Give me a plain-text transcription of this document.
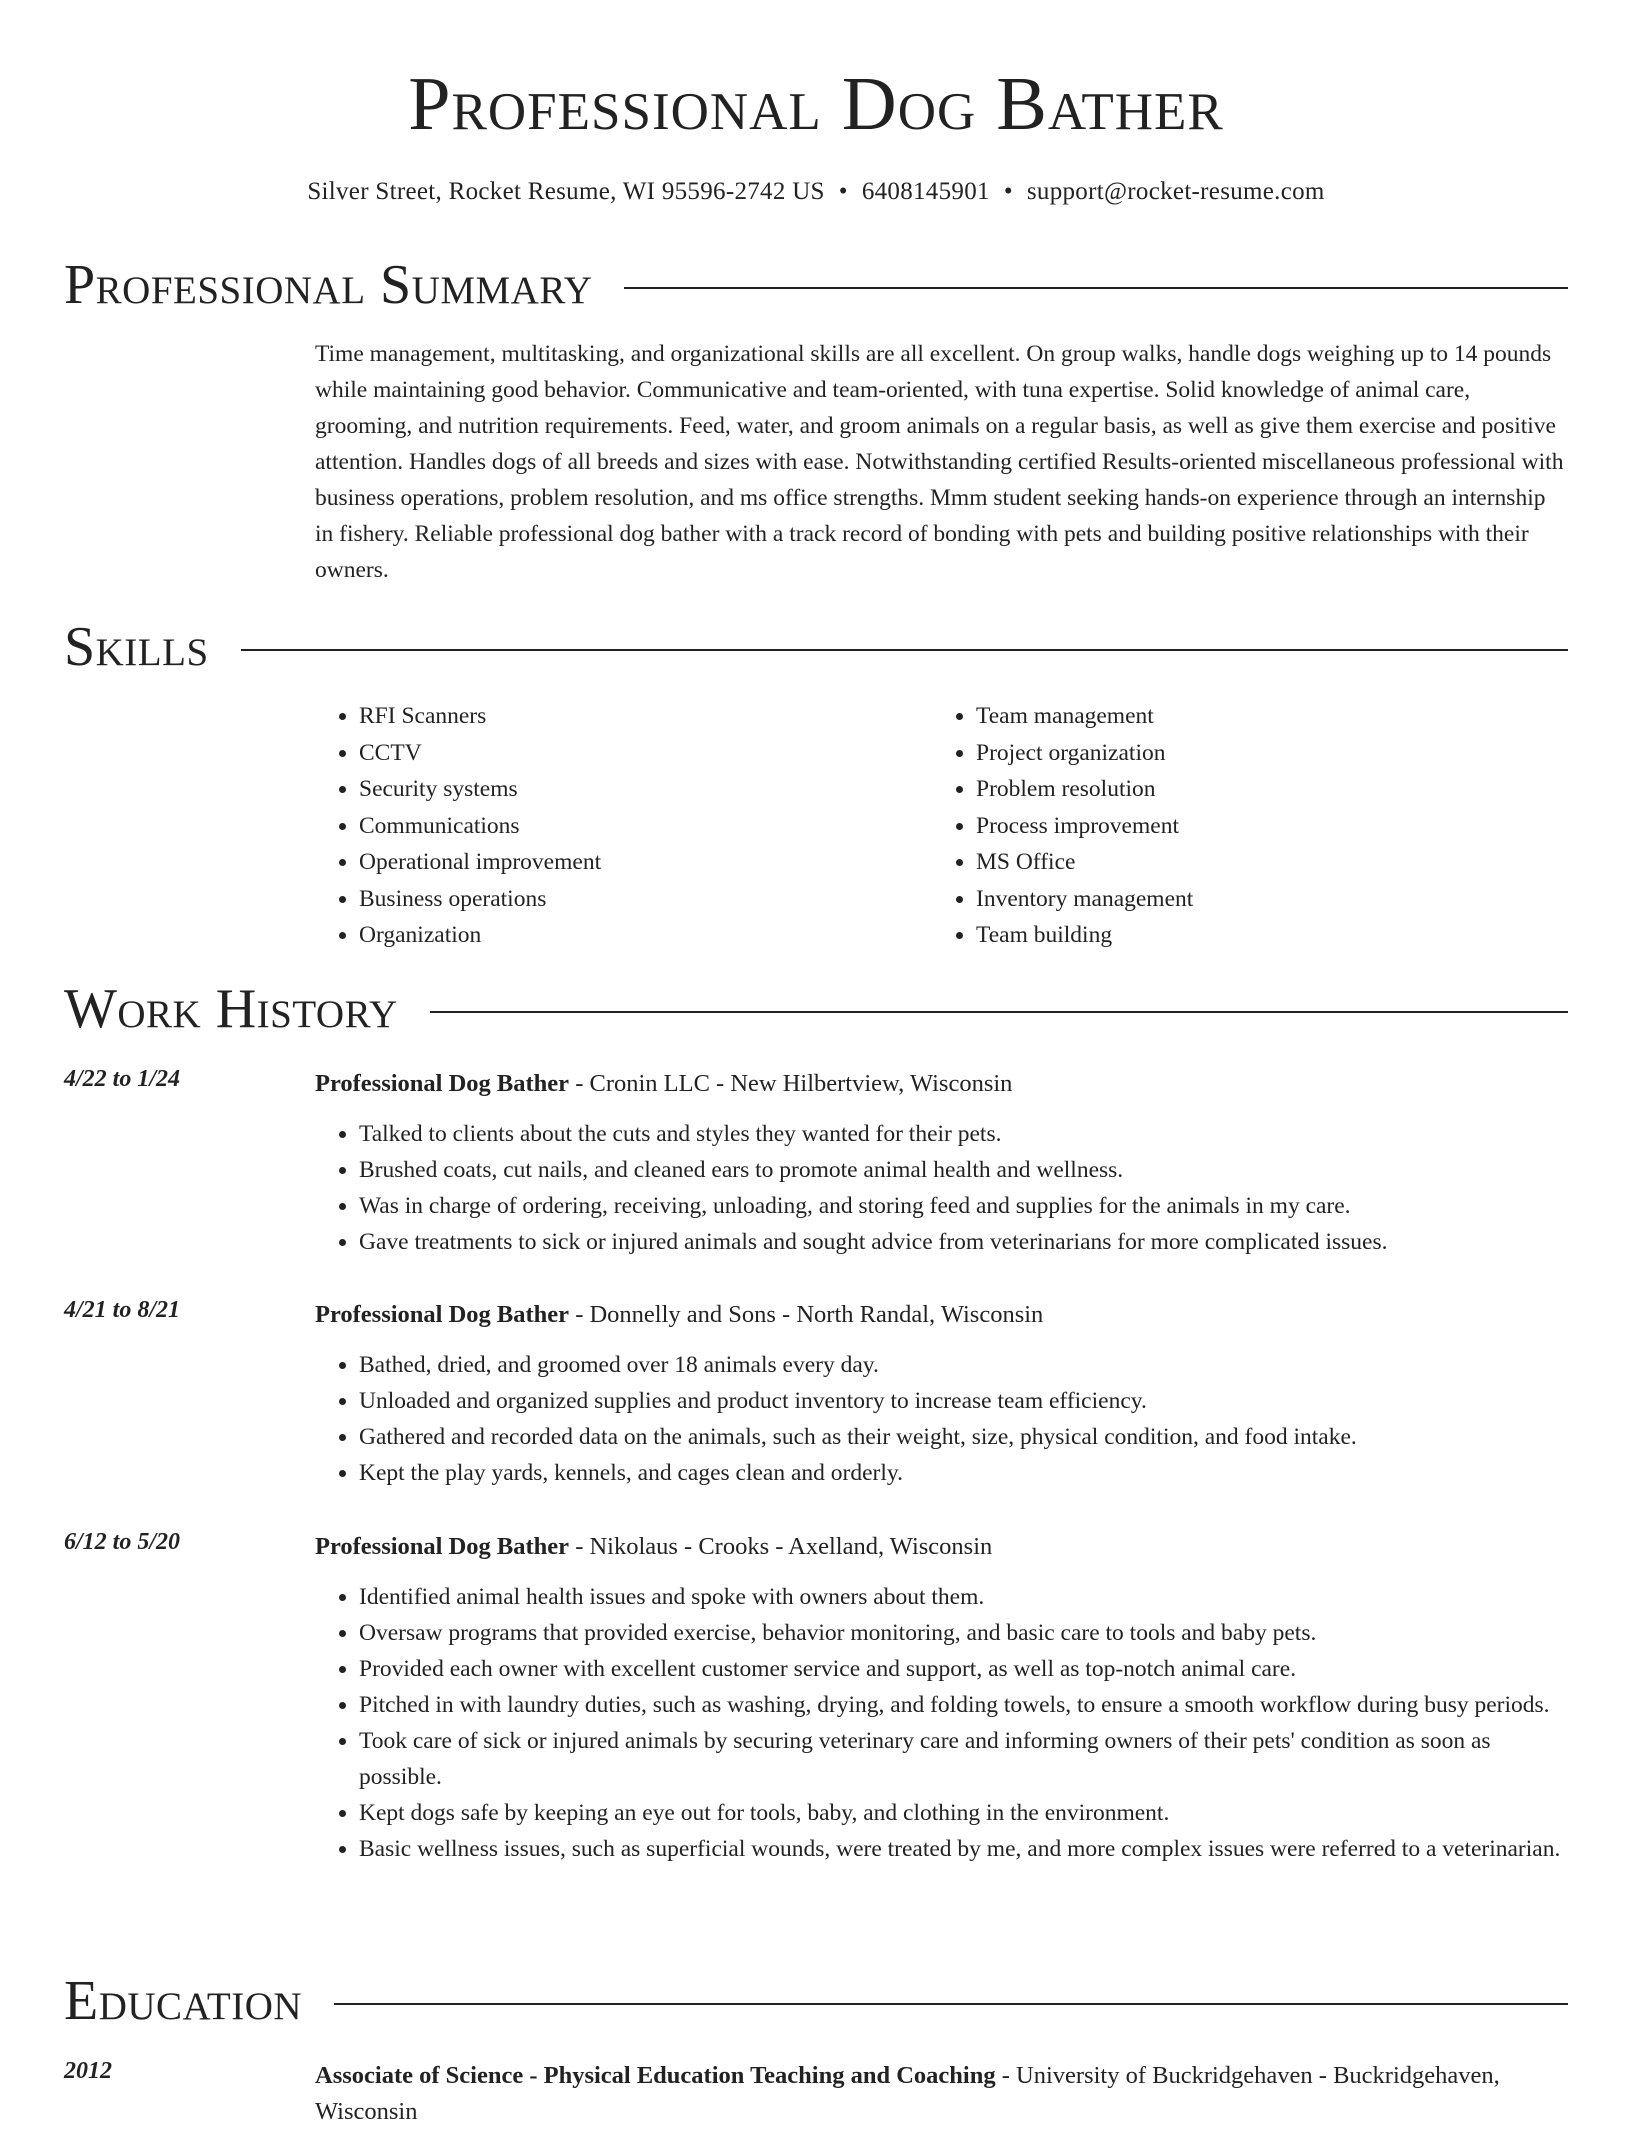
Professional Dog Bather
Silver Street, Rocket Resume, WI 95596-2742 US • 6408145901 • support@rocket-resume.com
Professional Summary

Time management, multitasking, and organizational skills are all excellent. On group walks, handle dogs weighing up to 14 pounds while maintaining good behavior. Communicative and team-oriented, with tuna expertise. Solid knowledge of animal care, grooming, and nutrition requirements. Feed, water, and groom animals on a regular basis, as well as give them exercise and positive attention. Handles dogs of all breeds and sizes with ease. Notwithstanding certified Results-oriented miscellaneous professional with business operations, problem resolution, and ms office strengths. Mmm student seeking hands-on experience through an internship in fishery. Reliable professional dog bather with a track record of bonding with pets and building positive relationships with their owners.

Skills
• RFI Scanners
• CCTV
• Security systems
• Communications
• Operational improvement
• Business operations
• Organization
• Team management
• Project organization
• Problem resolution
• Process improvement
• MS Office
• Inventory management
• Team building
Work History
4/22 to 1/24	Professional Dog Bather - Cronin LLC - New Hilbertview, Wisconsin
• Talked to clients about the cuts and styles they wanted for their pets.
• Brushed coats, cut nails, and cleaned ears to promote animal health and wellness.
• Was in charge of ordering, receiving, unloading, and storing feed and supplies for the animals in my care.
• Gave treatments to sick or injured animals and sought advice from veterinarians for more complicated issues.
4/21 to 8/21	Professional Dog Bather - Donnelly and Sons - North Randal, Wisconsin
• Bathed, dried, and groomed over 18 animals every day.
• Unloaded and organized supplies and product inventory to increase team efficiency.
• Gathered and recorded data on the animals, such as their weight, size, physical condition, and food intake.
• Kept the play yards, kennels, and cages clean and orderly.
6/12 to 5/20	Professional Dog Bather - Nikolaus - Crooks - Axelland, Wisconsin
• Identified animal health issues and spoke with owners about them.
• Oversaw programs that provided exercise, behavior monitoring, and basic care to tools and baby pets.
• Provided each owner with excellent customer service and support, as well as top-notch animal care.
• Pitched in with laundry duties, such as washing, drying, and folding towels, to ensure a smooth workflow during busy periods.
• Took care of sick or injured animals by securing veterinary care and informing owners of their pets' condition as soon as possible.
• Kept dogs safe by keeping an eye out for tools, baby, and clothing in the environment.
• Basic wellness issues, such as superficial wounds, were treated by me, and more complex issues were referred to a veterinarian.
Education
2012	Associate of Science - Physical Education Teaching and Coaching - University of Buckridgehaven - Buckridgehaven, Wisconsin
